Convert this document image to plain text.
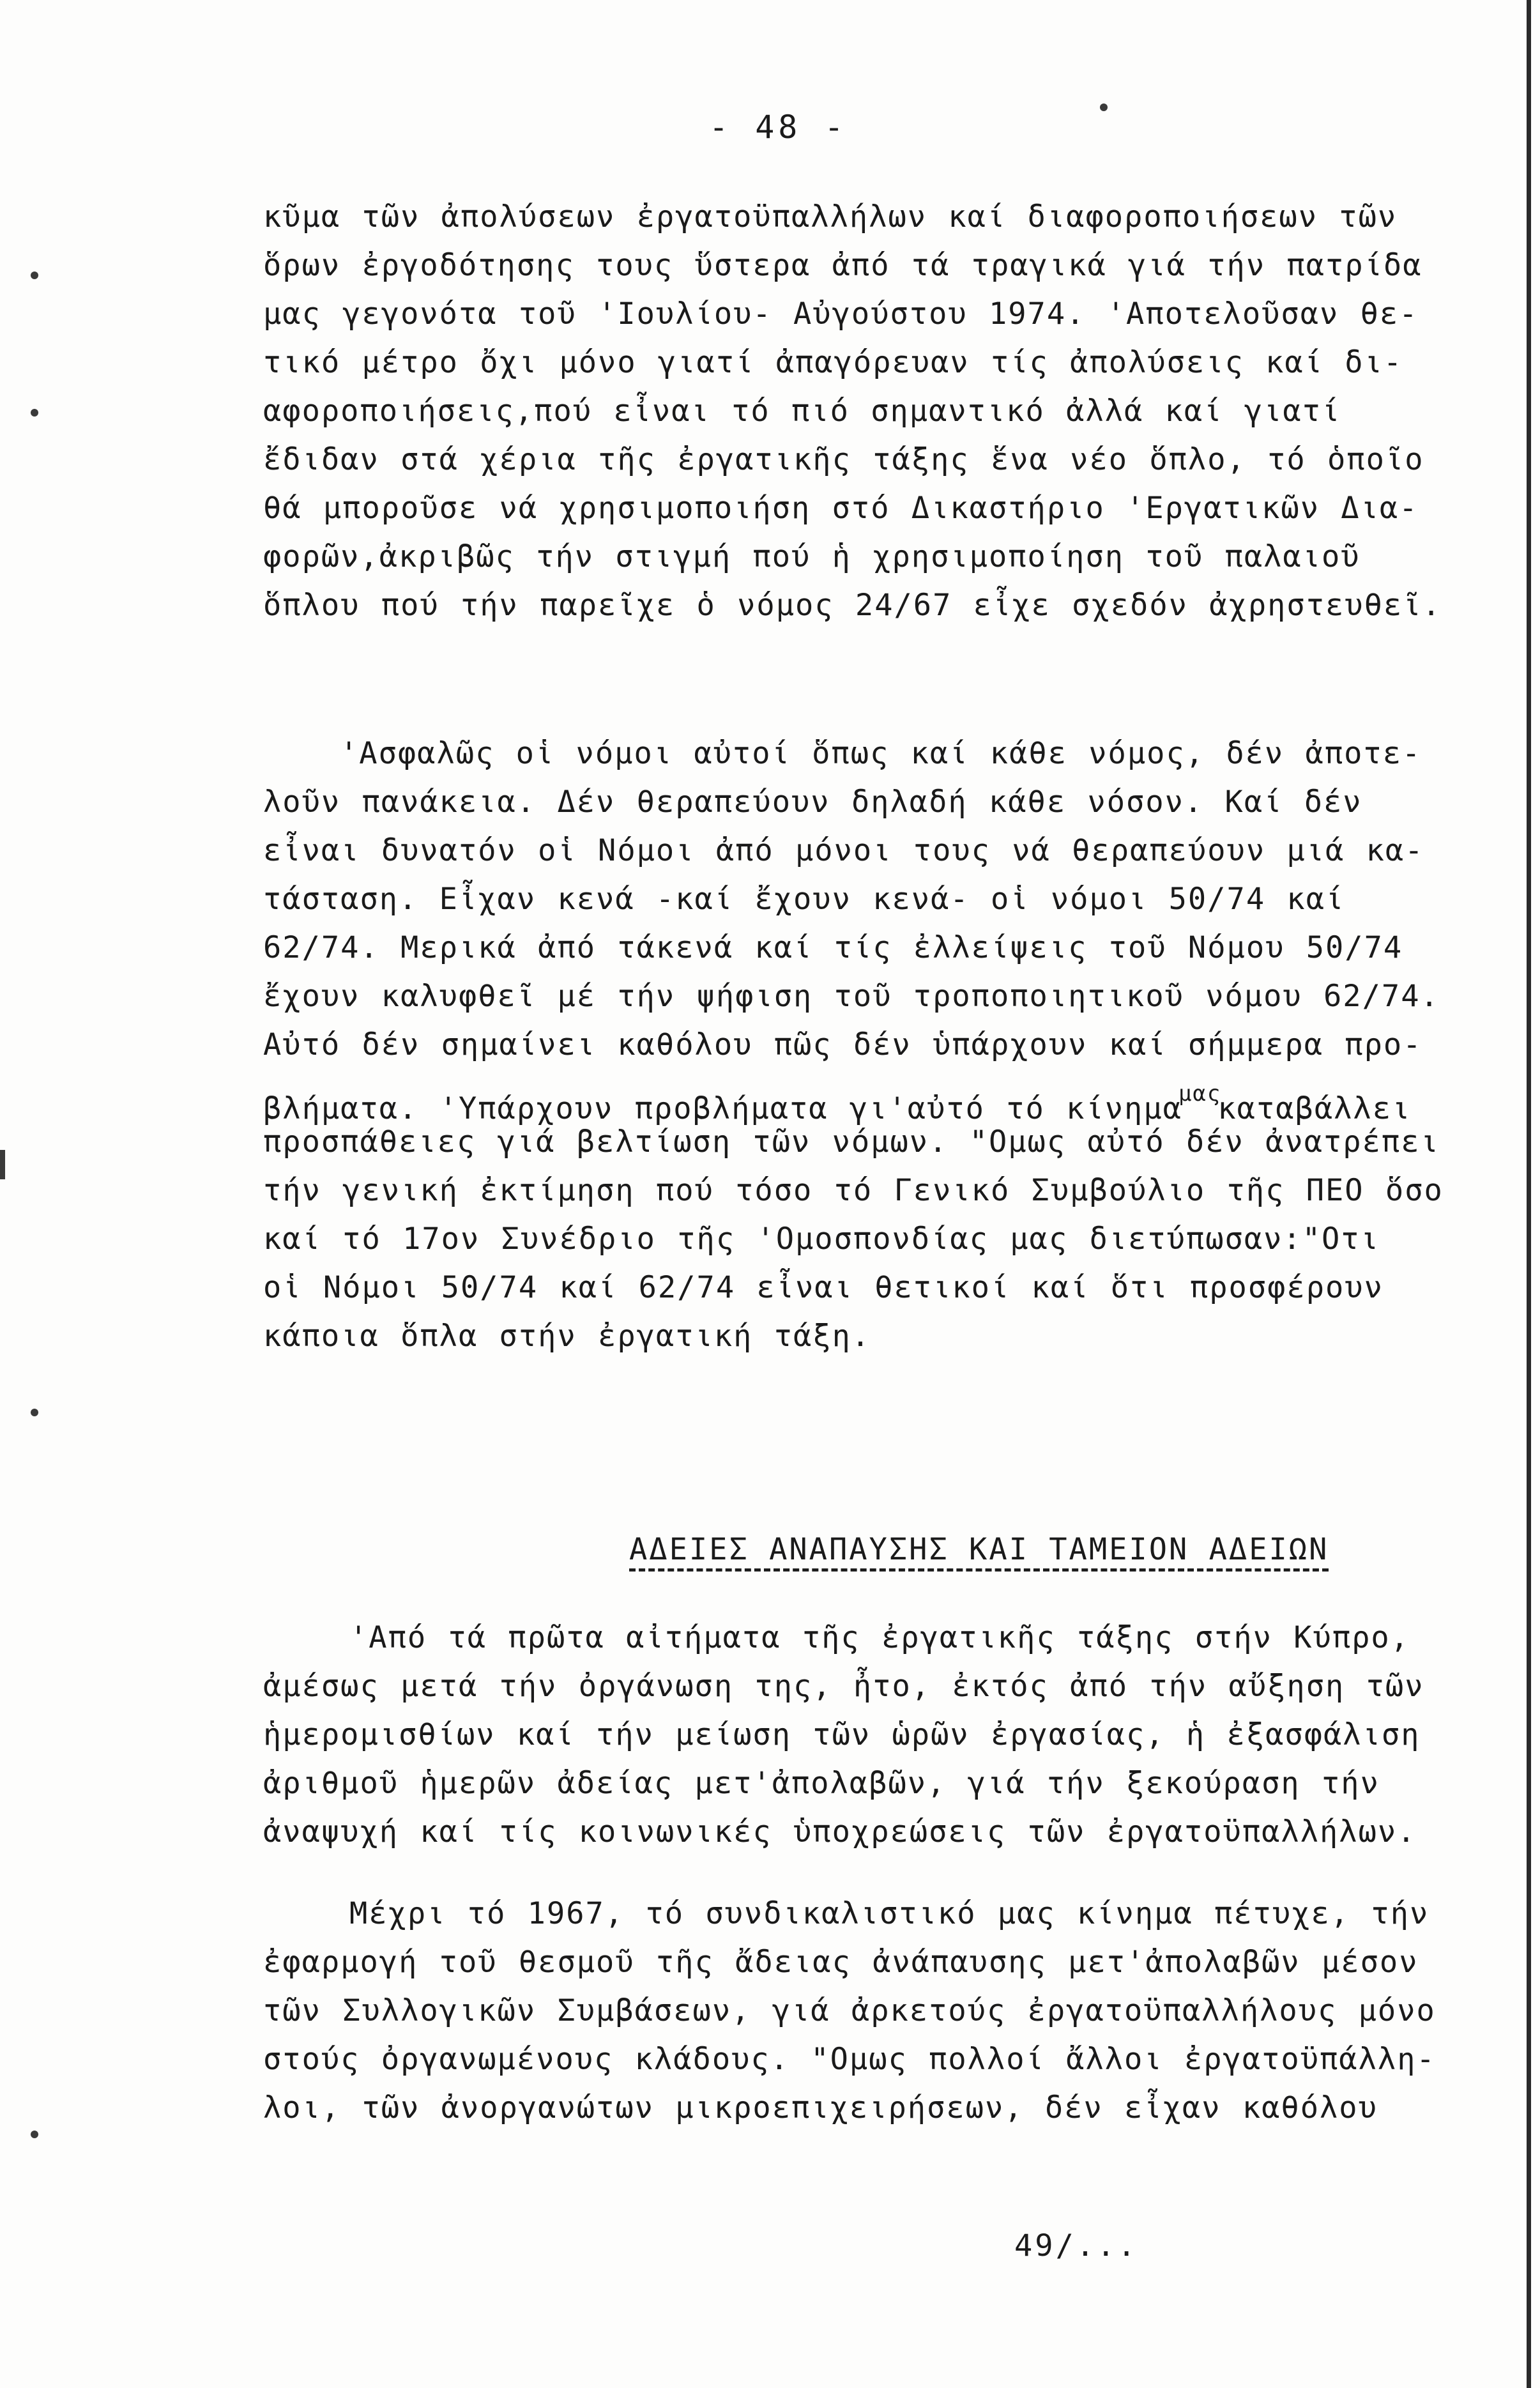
- 48 -
κῦμα τῶν ἀπολύσεων ἐργατοϋπαλλήλων καί διαφοροποιήσεων τῶν
ὅρων ἐργοδότησης τους ὕστερα ἀπό τά τραγικά γιά τήν πατρίδα
μας γεγονότα τοῦ 'Ιουλίου- Αὐγούστου 1974. 'Αποτελοῦσαν θε-
τικό μέτρο ὄχι μόνο γιατί ἀπαγόρευαν τίς ἀπολύσεις καί δι-
αφοροποιήσεις,πού εἶναι τό πιό σημαντικό ἀλλά καί γιατί
ἔδιδαν στά χέρια τῆς ἐργατικῆς τάξης ἕνα νέο ὅπλο, τό ὁποῖο
θά μποροῦσε νά χρησιμοποιήση στό Δικαστήριο 'Εργατικῶν Δια-
φορῶν,ἀκριβῶς τήν στιγμή πού ἡ χρησιμοποίηση τοῦ παλαιοῦ
ὅπλου πού τήν παρεῖχε ὁ νόμος 24/67 εἶχε σχεδόν ἀχρηστευθεῖ.
'Ασφαλῶς οἱ νόμοι αὐτοί ὅπως καί κάθε νόμος, δέν ἀποτε-
λοῦν πανάκεια. Δέν θεραπεύουν δηλαδή κάθε νόσον. Καί δέν
εἶναι δυνατόν οἱ Νόμοι ἀπό μόνοι τους νά θεραπεύουν μιά κα-
τάσταση. Εἶχαν κενά -καί ἔχουν κενά- οἱ νόμοι 50/74 καί
62/74. Μερικά ἀπό τάκενά καί τίς ἐλλείψεις τοῦ Νόμου 50/74
ἔχουν καλυφθεῖ μέ τήν ψήφιση τοῦ τροποποιητικοῦ νόμου 62/74.
Αὐτό δέν σημαίνει καθόλου πῶς δέν ὑπάρχουν καί σήμμερα προ-
βλήματα. 'Υπάρχουν προβλήματα γι'αὐτό τό κίνημα$^{\mu\alpha\varsigma}$καταβάλλει
προσπάθειες γιά βελτίωση τῶν νόμων. "Ομως αὐτό δέν ἀνατρέπει
τήν γενική ἐκτίμηση πού τόσο τό Γενικό Συμβούλιο τῆς ΠΕΟ ὅσο
καί τό 17ον Συνέδριο τῆς 'Ομοσπονδίας μας διετύπωσαν:"Οτι
οἱ Νόμοι 50/74 καί 62/74 εἶναι θετικοί καί ὅτι προσφέρουν
κάποια ὅπλα στήν ἐργατική τάξη.
ΑΔΕΙΕΣ ΑΝΑΠΑΥΣΗΣ ΚΑΙ ΤΑΜΕΙΟΝ ΑΔΕΙΩΝ
'Από τά πρῶτα αἰτήματα τῆς ἐργατικῆς τάξης στήν Κύπρο,
ἀμέσως μετά τήν ὀργάνωση της, ἦτο, ἐκτός ἀπό τήν αὔξηση τῶν
ἡμερομισθίων καί τήν μείωση τῶν ὡρῶν ἐργασίας, ἡ ἐξασφάλιση
ἀριθμοῦ ἡμερῶν ἀδείας μετ'ἀπολαβῶν, γιά τήν ξεκούραση τήν
ἀναψυχή καί τίς κοινωνικές ὑποχρεώσεις τῶν ἐργατοϋπαλλήλων.
Μέχρι τό 1967, τό συνδικαλιστικό μας κίνημα πέτυχε, τήν
ἐφαρμογή τοῦ θεσμοῦ τῆς ἄδειας ἀνάπαυσης μετ'ἀπολαβῶν μέσον
τῶν Συλλογικῶν Συμβάσεων, γιά ἀρκετούς ἐργατοϋπαλλήλους μόνο
στούς ὀργανωμένους κλάδους. "Ομως πολλοί ἄλλοι ἐργατοϋπάλλη-
λοι, τῶν ἀνοργανώτων μικροεπιχειρήσεων, δέν εἶχαν καθόλου
49/...
